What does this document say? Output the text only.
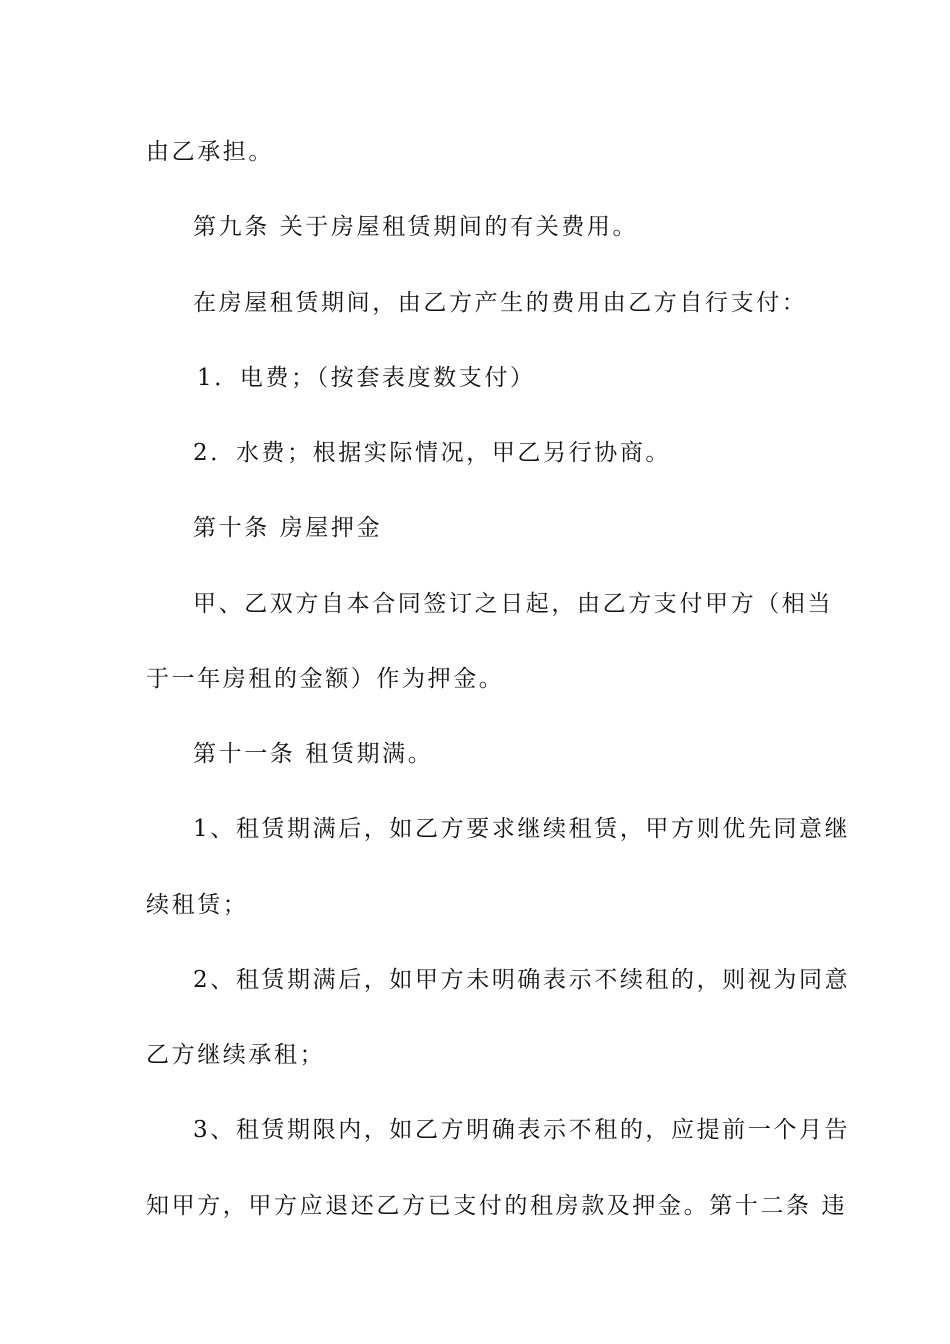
由乙承担。
第九条 关于房屋租赁期间的有关费用。
在房屋租赁期间，由乙方产生的费用由乙方自行支付：
1．电费；（按套表度数支付）
2．水费；根据实际情况，甲乙另行协商。
第十条 房屋押金
甲、乙双方自本合同签订之日起，由乙方支付甲方（相当
于一年房租的金额）作为押金。
第十一条 租赁期满。
1、租赁期满后，如乙方要求继续租赁，甲方则优先同意继
续租赁；
2、租赁期满后，如甲方未明确表示不续租的，则视为同意
乙方继续承租；
3、租赁期限内，如乙方明确表示不租的，应提前一个月告
知甲方，甲方应退还乙方已支付的租房款及押金。第十二条 违
